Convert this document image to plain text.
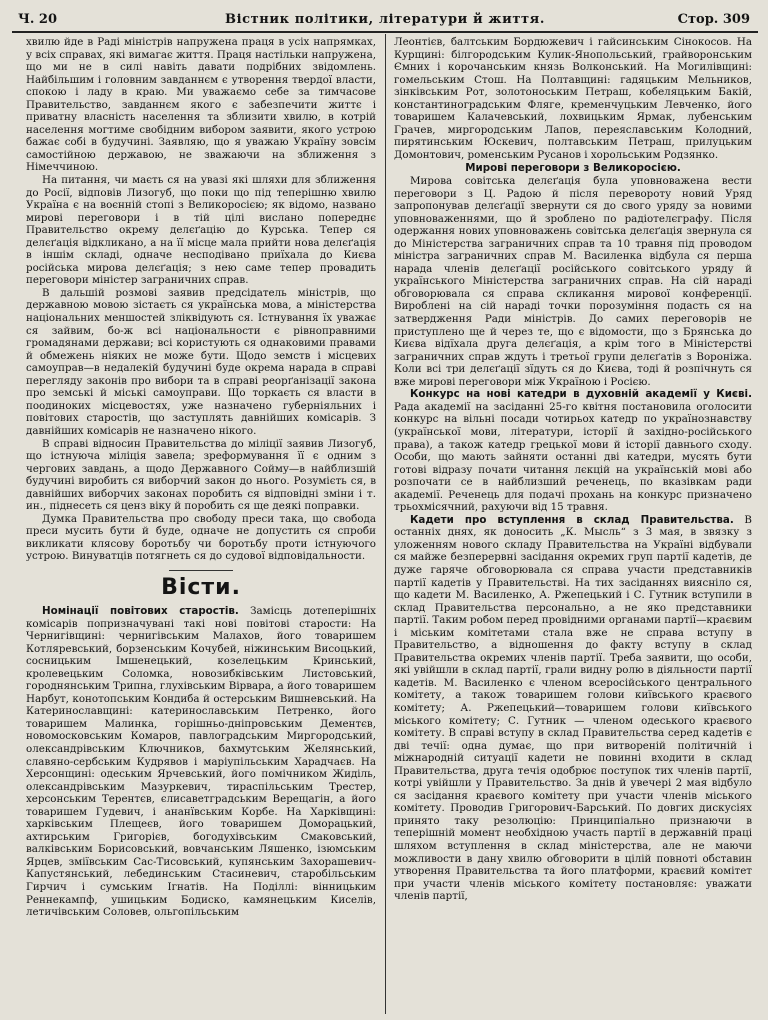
Ч. 20	Вістник політики, літератури й життя.	Стор. 309

хвилю йде в Раді міністрів напружена праця в усіх напрямках, у всіх справах, які вимагає життя. Праця настільки напружена, що ми не в силі навіть давати подрібних звідомлень. Найбільшим і головним завданнєм є утворення твердої власти, спокою і ладу в краю. Ми уважаємо себе за тимчасове Правительство, завданнєм якого є забезпечити життє і приватну власність населення та зблизити хвилю, в котрій населення могтиме свобідним вибором заявити, якого устрою бажає собі в будучині. Заявляю, що я уважаю Україну зовсім самостійною державою, не зважаючи на зближення з Німеччиною.

На питання, чи маєть ся на увазі які шляхи для зближення до Росії, відповів Лизогуб, що поки що під теперішню хвилю Україна є на воєнній стопі з Великоросією; як відомо, названо мирові переговори і в тій цілі вислано попереднє Правительство окрему делєґацію до Курська. Тепер ся делєґація відкликано, а на її місце мала прийти нова делєґація в іншім складі, одначе несподівано приїхала до Києва російська мирова делєґація; з нею саме тепер провадить переговори міністер заграничних справ.

В дальшій розмові заявив предсідатель міністрів, що державною мовою зістаєть ся українська мова, а міністерства національних меншостей зліквідують ся. Істнування їх уважає ся зайвим, бо-ж всі національности є рівноправними громадянами держави; всі користують ся однаковими правами й обмежень ніяких не може бути. Щодо земств і місцевих самоуправ—в недалекій будучині буде окрема нарада в справі перегляду законів про вибори та в справі реорґанізації закона про земські й міські самоуправи. Що торкаєть ся власти в поодиноких місцевостях, уже назначено губерніяльних і повітових старостів, що заступлять давнійших комісарів. З давнійших комісарів не назначено нікого.

В справі відносин Правительства до міліції заявив Лизогуб, що істнуюча міліція завела; зреформування її є одним з чергових завдань, а щодо Державного Сойму—в найблизшій будучині виробить ся виборчий закон до нього. Розумієть ся, в давнійших виборчих законах поробить ся відповідні зміни і т. ин., піднесеть ся ценз віку й поробить ся ще деякі поправки.

Думка Правительства про свободу преси така, що свобода преси мусить бути й буде, одначе не допустить ся спроби викликати клясову боротьбу чи боротьбу проти істнуючого устрою. Винуватців потягнеть ся до судової відповідальности.

Вісти.

Номінації повітових старостів. Замісць дотеперішніх комісарів попризначувані такі нові повітові старости: На Чернигівщині: чернигівським Малахов, його товаришем Котляревський, борзенським Кочубей, ніжинським Висоцький, сосницьким Імшенецький, козелецьким Кринський, кролевецьким Соломка, новозибківським Листовський, городнянським Трипна, глухівським Вірвара, а його товаришем Нарбут, конотопським Кондиба й остерським Вишневський. На Катеринославщині: катеринославським Петренко, його товаришем Малинка, горішньо-дніпровським Дементєв, новомосковським Комаров, павлоградським Миргородський, олександрівським Ключников, бахмутським Желянський, славяно-сербським Кудрявов і маріупільським Харадчаєв. На Херсонщині: одеським Ярчевський, його помічником Жиділь, олександрівським Мазуркевич, тираспільським Трестер, херсонським Терентєв, єлисаветградським Верещагін, а його товаришем Гудевич, і ананївським Корбе. На Харківщині: харківським Плещеєв, його товаришем Доморацький, ахтирським Григорієв, богодухівським Смаковський, валківським Борисовський, вовчанським Ляшенко, ізюмським Ярцев, зміївським Сас-Тисовський, купянським Захорашевич-Капустянський, лебединським Стасиневич, старобільським Гирчич і сумським Ігнатів. На Поділлі: вінницьким Реннекампф, ушицьким Бодиско, камянецьким Киселів, летичівським Соловев, ольгопільським

Леонтієв, балтським Бордюжевич і гайсинським Сінокосов. На Курщині: білгородським Кулик-Янопольський, грайворонським Ємних і корочанським князь Волконський. На Могилівщині: гомельським Стош. На Полтавщині: гадяцьким Мельников, зінківським Рот, золотоноським Петраш, кобеляцьким Бакій, константиноградським Фляге, кременчуцьким Левченко, його товаришем Калачевський, лохвицьким Ярмак, лубенським Грачев, миргородським Лапов, переяславським Колодний, пирятинським Юскевич, полтавським Петраш, прилуцьким Домонтович, роменським Русанов і хорольським Родзянко.

Мирові переговори з Великоросією.

Мирова совітська делєґація була уповноважена вести переговори з Ц. Радою й після перевороту новий Уряд запропонував делєґації звернути ся до свого уряду за новими уповноваженнями, що й зроблено по радіотелєграфу. Після одержання нових уповноважень совітська делєґація звернула ся до Міністерства заграничних справ та 10 травня під проводом міністра заграничних справ М. Василенка відбула ся перша нарада членів делєґації російського совітського уряду й українського Міністерства заграничних справ. На сій нараді обговорювала ся справа скликання мирової конференції. Вироблені на сій нараді точки порозуміння подасть ся на затвердження Ради міністрів. До самих переговорів не приступлено ще й через те, що є відомости, що з Брянська до Києва відїхала друга делєґація, а крім того в Міністерстві заграничних справ ждуть і третьої групи делєґатів з Вороніжа. Коли всі три делєґації зїдуть ся до Києва, тоді й розпічнуть ся вже мирові переговори між Україною і Росією.

Конкурс на нові катедри в духовній академії у Києві. Рада академії на засіданні 25-го квітня постановила оголосити конкурс на вільні посади чотирьох катедр по українознавству (української мови, літератури, історії й західно-російського права), а також катедр грецької мови й історії давнього сходу. Особи, що мають зайняти останні дві катедри, мусять бути готові відразу почати читання лєкцій на українській мові або розпочати се в найблизший реченець, по вказівкам ради академії. Реченець для подачі прохань на конкурс призначено трьохмісячний, рахуючи від 15 травня.

Кадети про вступлення в склад Правительства. В останніх днях, як доносить „К. Мысль“ з 3 мая, в звязку з уложенням нового складу Правительства на Україні відбували ся майже безперервні засідання окремих груп партії кадетів, де дуже гаряче обговорювала ся справа участи представників партії кадетів у Правительстві. На тих засіданнях виясніло ся, що кадети М. Василенко, А. Ржепецький і С. Гутник вступили в склад Правительства персонально, а не яко представники партії. Таким робом перед провідними органами партії—краєвим і міським комітетами стала вже не справа вступу в Правительство, а відношення до факту вступу в склад Правительства окремих членів партії. Треба заявити, що особи, які увійшли в склад партії, грали видну ролю в діяльности партії кадетів. М. Василенко є членом всеросійського центрального комітету, а також товаришем голови київського краєвого комітету; А. Ржепецький—товаришем голови київського міського комітету; С. Гутник — членом одеського краєвого комітету. В справі вступу в склад Правительства серед кадетів є дві течії: одна думає, що при витвореній політичній і міжнародній ситуації кадети не повинні входити в склад Правительства, друга течія одобрює поступок тих членів партії, котрі увійшли у Правительство. За днів й увечері 2 мая відбуло ся засідання краєвого комітету при участи членів міського комітету. Проводив Григорович-Барський. По довгих дискусіях принято таку резолюцію: Принципіально признаючи в теперішній момент необхідною участь партії в державній праці шляхом вступлення в склад міністерства, але не маючи можливости в дану хвилю обговорити в цілій повноті обставин утворення Правительства та його платформи, краєвий комітет при участи членів міського комітету постановляє: уважати членів партії,
